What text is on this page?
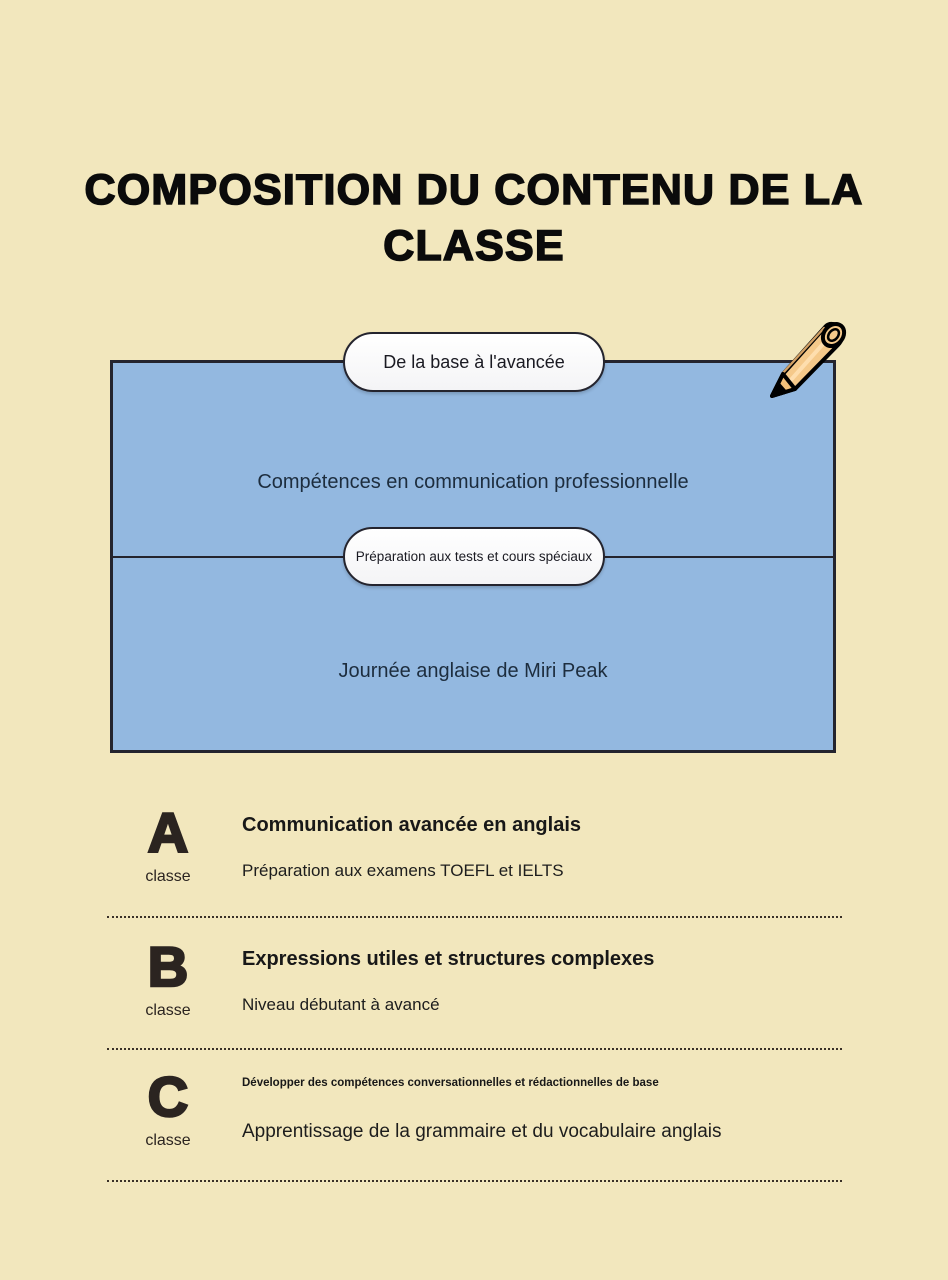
COMPOSITION DU CONTENU DE LA CLASSE
Compétences en communication professionnelle
Journée anglaise de Miri Peak
De la base à l'avancée
Préparation aux tests et cours spéciaux
A
classe

Communication avancée en anglais

Préparation aux examens TOEFL et IELTS

B
classe

Expressions utiles et structures complexes

Niveau débutant à avancé

C
classe

Développer des compétences conversationnelles et rédactionnelles de base

Apprentissage de la grammaire et du vocabulaire anglais
